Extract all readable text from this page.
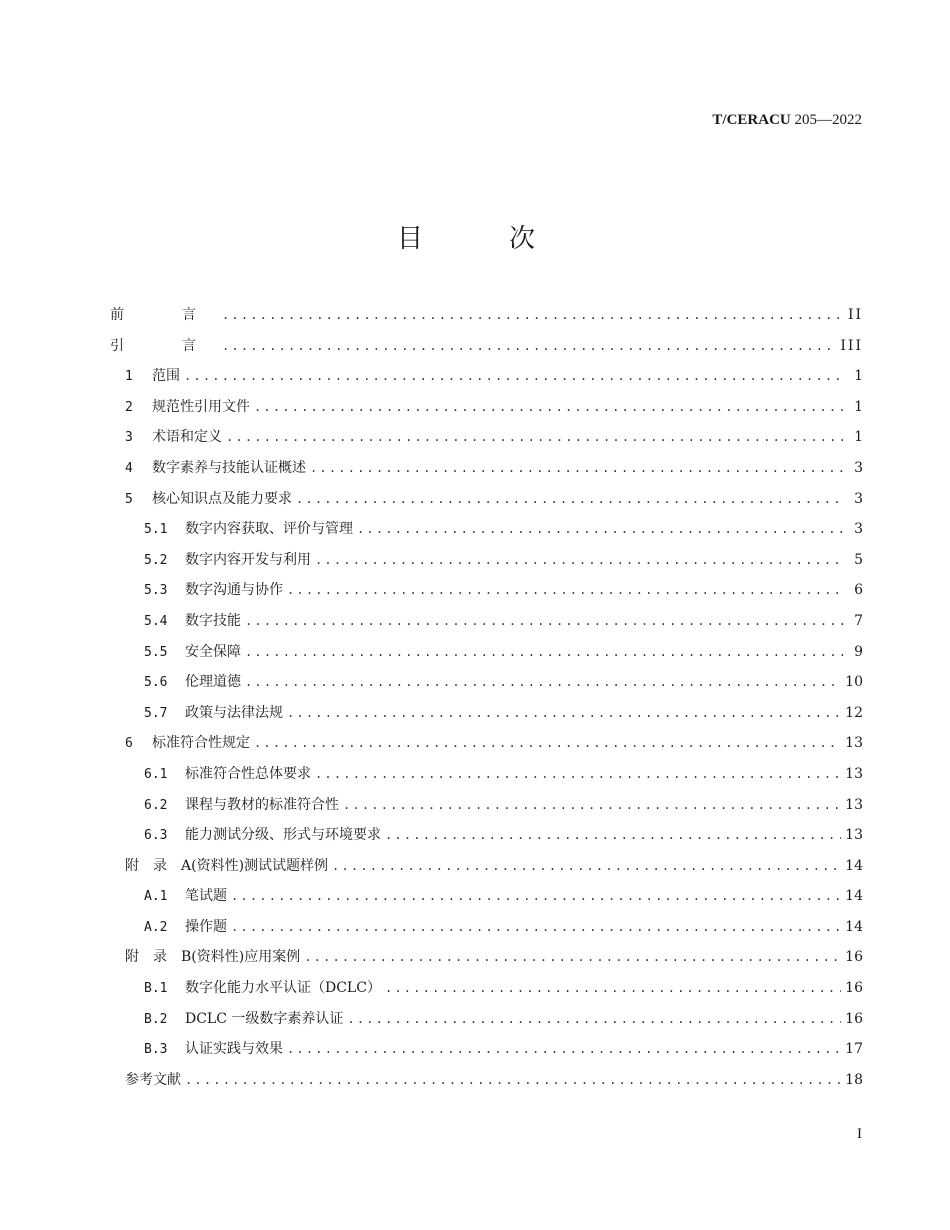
T/CERACU 205—2022
目　次
前　言 .....	II
引　言 .....	III
1	范围 .....	1
2	规范性引用文件 .....	1
3	术语和定义 .....	1
4	数字素养与技能认证概述 .....	3
5	核心知识点及能力要求 .....	3
5.1	数字内容获取、评价与管理 .....	3
5.2	数字内容开发与利用 .....	5
5.3	数字沟通与协作 .....	6
5.4	数字技能 .....	7
5.5	安全保障 .....	9
5.6	伦理道德 .....	10
5.7	政策与法律法规 .....	12
6	标准符合性规定 .....	13
6.1	标准符合性总体要求 .....	13
6.2	课程与教材的标准符合性 .....	13
6.3	能力测试分级、形式与环境要求 .....	13
附　录　A(资料性)测试试题样例 .....	14
A.1	笔试题 .....	14
A.2	操作题 .....	14
附　录　B(资料性)应用案例 .....	16
B.1	数字化能力水平认证（DCLC） .....	16
B.2	DCLC 一级数字素养认证 .....	16
B.3	认证实践与效果 .....	17
参考文献 .....	18
I
